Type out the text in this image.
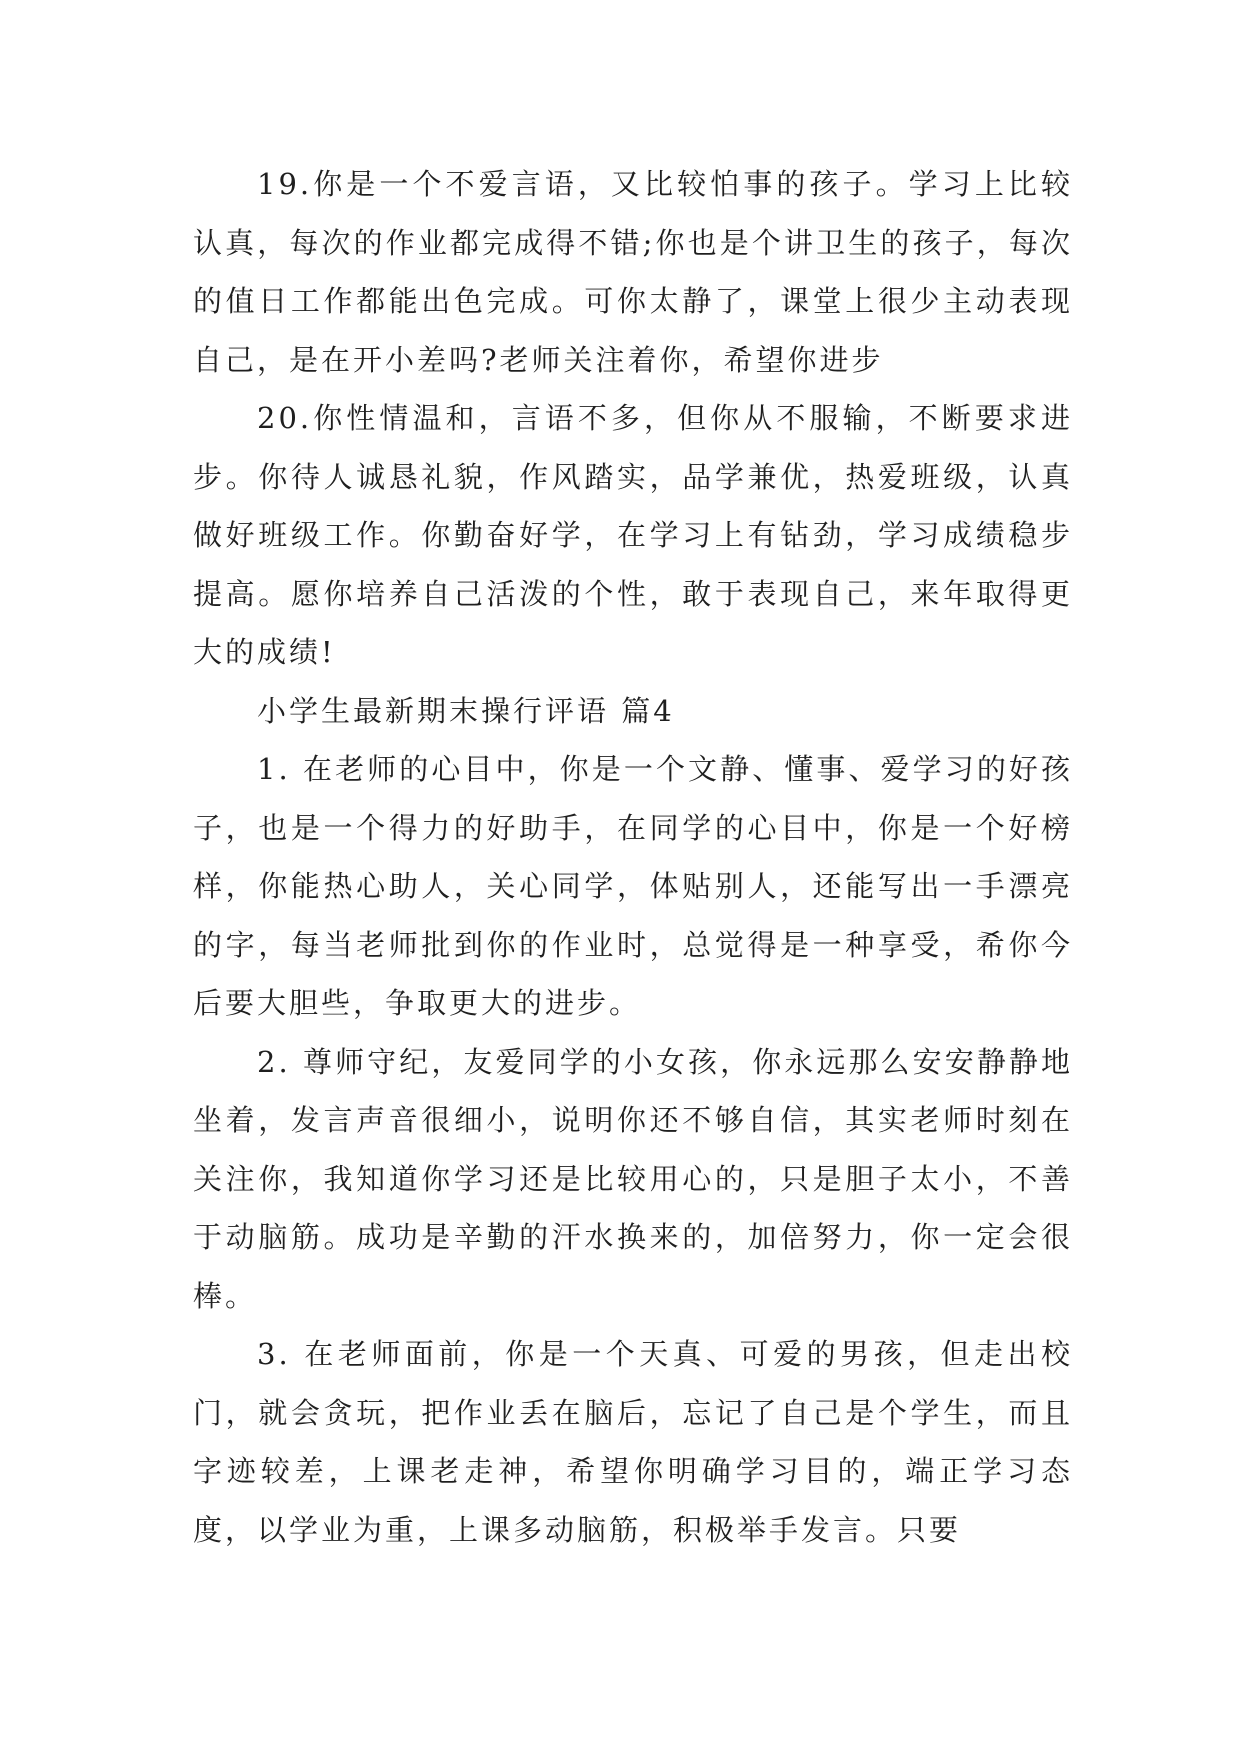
19.你是一个不爱言语，又比较怕事的孩子。学习上比较认真，每次的作业都完成得不错;你也是个讲卫生的孩子，每次的值日工作都能出色完成。可你太静了，课堂上很少主动表现自己，是在开小差吗?老师关注着你，希望你进步

20.你性情温和，言语不多，但你从不服输，不断要求进步。你待人诚恳礼貌，作风踏实，品学兼优，热爱班级，认真做好班级工作。你勤奋好学，在学习上有钻劲，学习成绩稳步提高。愿你培养自己活泼的个性，敢于表现自己，来年取得更大的成绩!

小学生最新期末操行评语 篇4

1. 在老师的心目中，你是一个文静、懂事、爱学习的好孩子，也是一个得力的好助手，在同学的心目中，你是一个好榜样，你能热心助人，关心同学，体贴别人，还能写出一手漂亮的字，每当老师批到你的作业时，总觉得是一种享受，希你今后要大胆些，争取更大的进步。

2. 尊师守纪，友爱同学的小女孩，你永远那么安安静静地坐着，发言声音很细小，说明你还不够自信，其实老师时刻在关注你，我知道你学习还是比较用心的，只是胆子太小，不善于动脑筋。成功是辛勤的汗水换来的，加倍努力，你一定会很棒。

3. 在老师面前，你是一个天真、可爱的男孩，但走出校门，就会贪玩，把作业丢在脑后，忘记了自己是个学生，而且字迹较差，上课老走神，希望你明确学习目的，端正学习态度，以学业为重，上课多动脑筋，积极举手发言。只要
